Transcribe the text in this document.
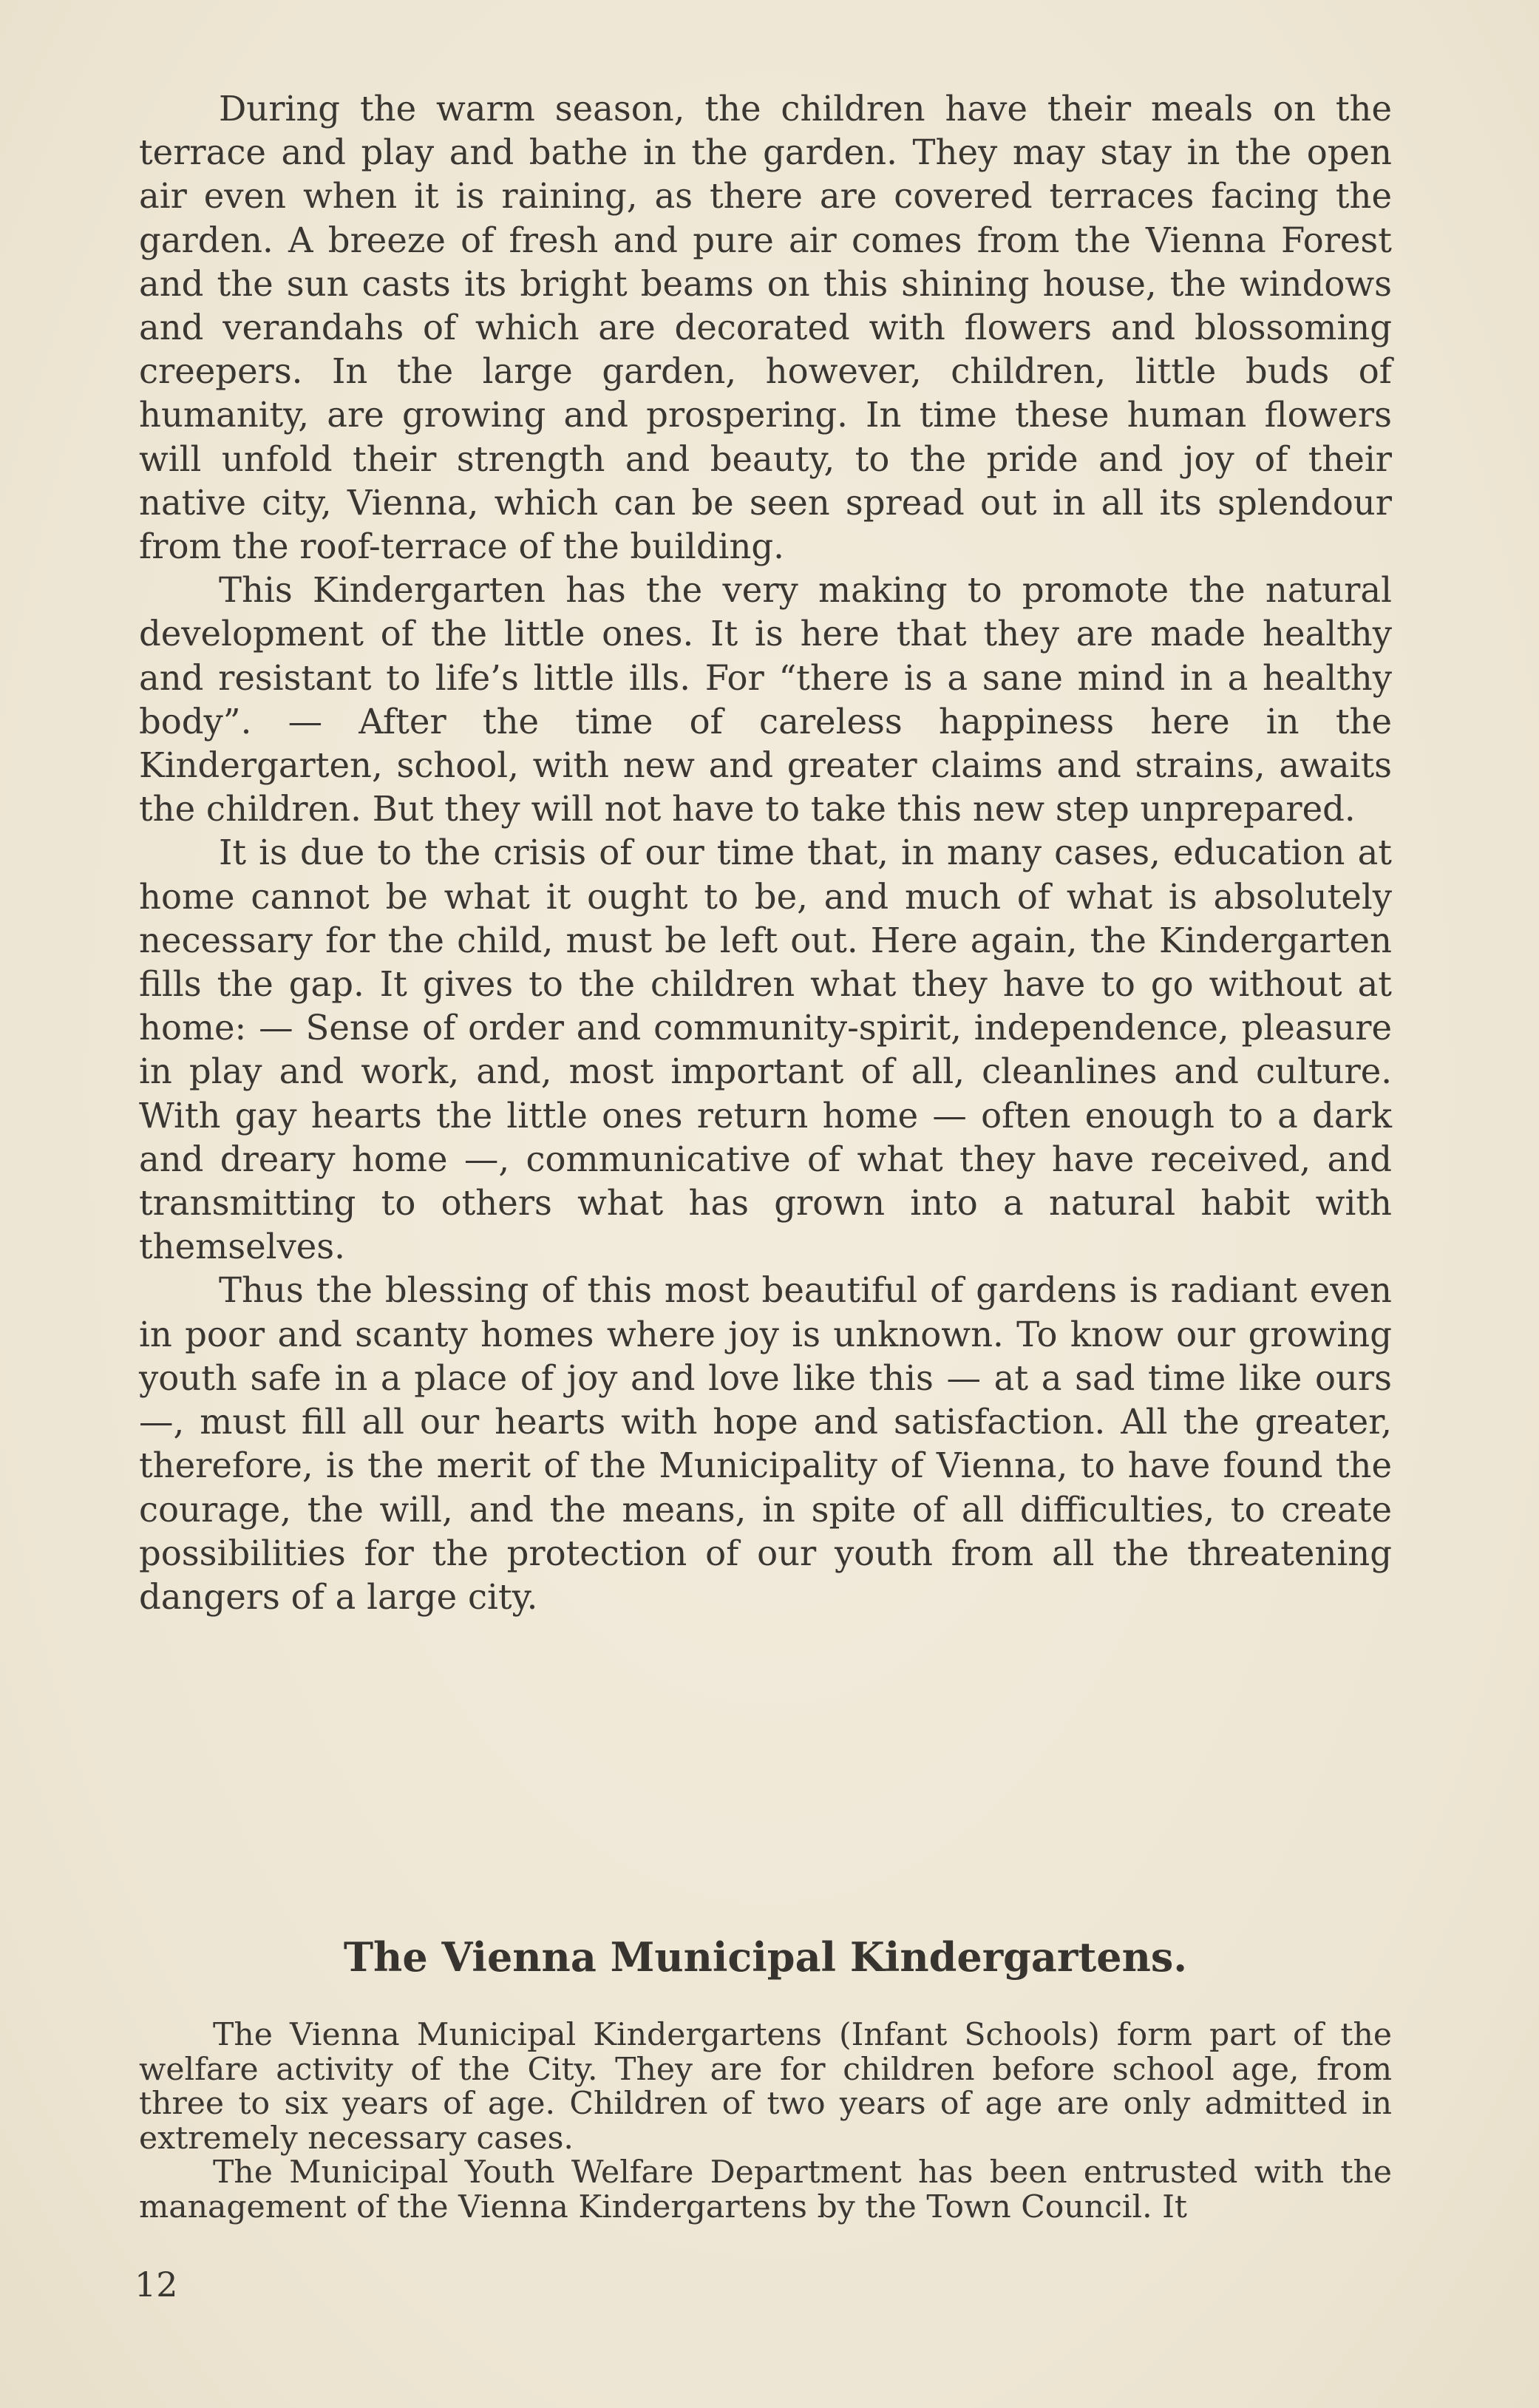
During the warm season, the children have their meals on the terrace and play and bathe in the garden. They may stay in the open air even when it is raining, as there are covered terraces facing the garden. A breeze of fresh and pure air comes from the Vienna Forest and the sun casts its bright beams on this shining house, the windows and verandahs of which are decorated with flowers and blossoming creepers. In the large garden, however, children, little buds of humanity, are growing and prospering. In time these human flowers will unfold their strength and beauty, to the pride and joy of their native city, Vienna, which can be seen spread out in all its splendour from the roof-terrace of the building.

This Kindergarten has the very making to promote the natural development of the little ones. It is here that they are made healthy and resistant to life’s little ills. For “there is a sane mind in a healthy body”. — After the time of careless happiness here in the Kindergarten, school, with new and greater claims and strains, awaits the children. But they will not have to take this new step unprepared.

It is due to the crisis of our time that, in many cases, education at home cannot be what it ought to be, and much of what is absolutely necessary for the child, must be left out. Here again, the Kindergarten fills the gap. It gives to the children what they have to go without at home: — Sense of order and community-spirit, independence, pleasure in play and work, and, most important of all, cleanlines and culture. With gay hearts the little ones return home — often enough to a dark and dreary home —, communicative of what they have received, and transmitting to others what has grown into a natural habit with themselves.

Thus the blessing of this most beautiful of gardens is radiant even in poor and scanty homes where joy is unknown. To know our growing youth safe in a place of joy and love like this — at a sad time like ours —, must fill all our hearts with hope and satisfaction. All the greater, therefore, is the merit of the Municipality of Vienna, to have found the courage, the will, and the means, in spite of all difficulties, to create possibilities for the protection of our youth from all the threatening dangers of a large city.

The Vienna Municipal Kindergartens.

The Vienna Municipal Kindergartens (Infant Schools) form part of the welfare activity of the City. They are for children before school age, from three to six years of age. Children of two years of age are only admitted in extremely necessary cases.

The Municipal Youth Welfare Department has been entrusted with the management of the Vienna Kindergartens by the Town Council. It

12
